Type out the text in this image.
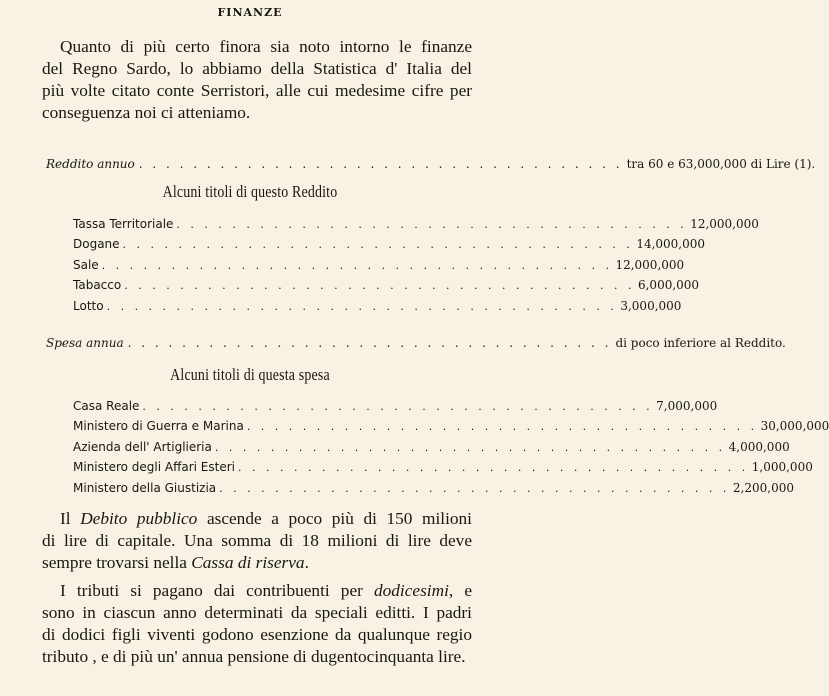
FINANZE
Quanto di più certo finora sia noto intorno le finanze
del Regno Sardo, lo abbiamo della Statistica d' Italia del
più volte citato conte Serristori, alle cui medesime cifre per
conseguenza noi ci atteniamo.
Reddito annuo . . . . . . . . . . . . . . . . . . . . . . . . . . . . . . . . . . . . tra 60 e 63,000,000 di Lire (1).
Alcuni titoli di questo Reddito
Tassa Territoriale . . . . . . . . . . . . . . . . . . . . . . . . . . . . . . . . . . . . . 12,000,000
Dogane . . . . . . . . . . . . . . . . . . . . . . . . . . . . . . . . . . . . . 14,000,000
Sale . . . . . . . . . . . . . . . . . . . . . . . . . . . . . . . . . . . . . 12,000,000
Tabacco . . . . . . . . . . . . . . . . . . . . . . . . . . . . . . . . . . . . . 6,000,000
Lotto . . . . . . . . . . . . . . . . . . . . . . . . . . . . . . . . . . . . . 3,000,000
Spesa annua . . . . . . . . . . . . . . . . . . . . . . . . . . . . . . . . . . . . di poco inferiore al Reddito.
Alcuni titoli di questa spesa
Casa Reale . . . . . . . . . . . . . . . . . . . . . . . . . . . . . . . . . . . . . 7,000,000
Ministero di Guerra e Marina . . . . . . . . . . . . . . . . . . . . . . . . . . . . . . . . . . . . . 30,000,000
Azienda dell' Artiglieria . . . . . . . . . . . . . . . . . . . . . . . . . . . . . . . . . . . . . 4,000,000
Ministero degli Affari Esteri . . . . . . . . . . . . . . . . . . . . . . . . . . . . . . . . . . . . . 1,000,000
Ministero della Giustizia . . . . . . . . . . . . . . . . . . . . . . . . . . . . . . . . . . . . . 2,200,000
Il Debito pubblico ascende a poco più di 150 milioni
di lire di capitale. Una somma di 18 milioni di lire deve
sempre trovarsi nella Cassa di riserva.
I tributi si pagano dai contribuenti per dodicesimi, e
sono in ciascun anno determinati da speciali editti. I padri
di dodici figli viventi godono esenzione da qualunque regio
tributo , e di più un' annua pensione di dugentocinquanta lire.
